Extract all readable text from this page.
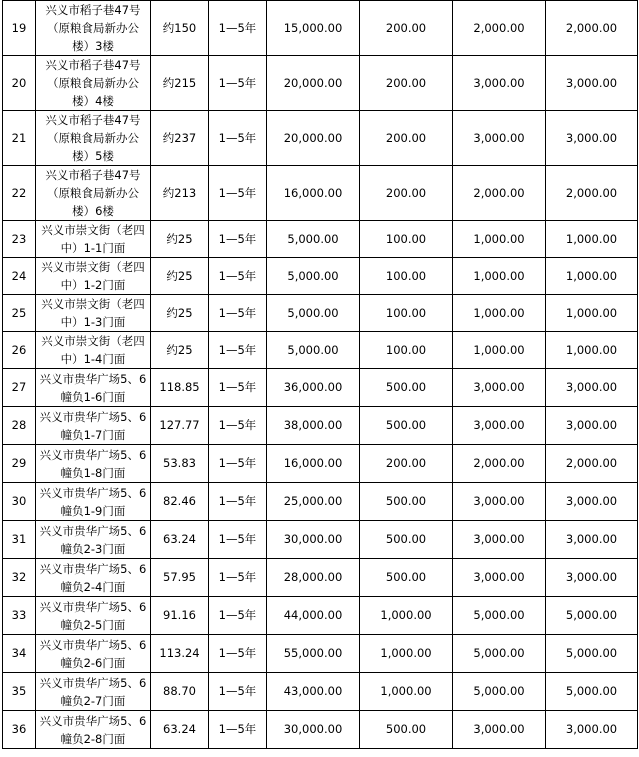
19	兴义市稻子巷47号（原粮食局新办公楼）3楼	约150	1—5年	15,000.00	200.00	2,000.00	2,000.00
20	兴义市稻子巷47号（原粮食局新办公楼）4楼	约215	1—5年	20,000.00	200.00	3,000.00	3,000.00
21	兴义市稻子巷47号（原粮食局新办公楼）5楼	约237	1—5年	20,000.00	200.00	3,000.00	3,000.00
22	兴义市稻子巷47号（原粮食局新办公楼）6楼	约213	1—5年	16,000.00	200.00	2,000.00	2,000.00
23	兴义市崇文街（老四中）1-1门面	约25	1—5年	5,000.00	100.00	1,000.00	1,000.00
24	兴义市崇文街（老四中）1-2门面	约25	1—5年	5,000.00	100.00	1,000.00	1,000.00
25	兴义市崇文街（老四中）1-3门面	约25	1—5年	5,000.00	100.00	1,000.00	1,000.00
26	兴义市崇文街（老四中）1-4门面	约25	1—5年	5,000.00	100.00	1,000.00	1,000.00
27	兴义市贵华广场5、6幢负1-6门面	118.85	1—5年	36,000.00	500.00	3,000.00	3,000.00
28	兴义市贵华广场5、6幢负1-7门面	127.77	1—5年	38,000.00	500.00	3,000.00	3,000.00
29	兴义市贵华广场5、6幢负1-8门面	53.83	1—5年	16,000.00	200.00	2,000.00	2,000.00
30	兴义市贵华广场5、6幢负1-9门面	82.46	1—5年	25,000.00	500.00	3,000.00	3,000.00
31	兴义市贵华广场5、6幢负2-3门面	63.24	1—5年	30,000.00	500.00	3,000.00	3,000.00
32	兴义市贵华广场5、6幢负2-4门面	57.95	1—5年	28,000.00	500.00	3,000.00	3,000.00
33	兴义市贵华广场5、6幢负2-5门面	91.16	1—5年	44,000.00	1,000.00	5,000.00	5,000.00
34	兴义市贵华广场5、6幢负2-6门面	113.24	1—5年	55,000.00	1,000.00	5,000.00	5,000.00
35	兴义市贵华广场5、6幢负2-7门面	88.70	1—5年	43,000.00	1,000.00	5,000.00	5,000.00
36	兴义市贵华广场5、6幢负2-8门面	63.24	1—5年	30,000.00	500.00	3,000.00	3,000.00
